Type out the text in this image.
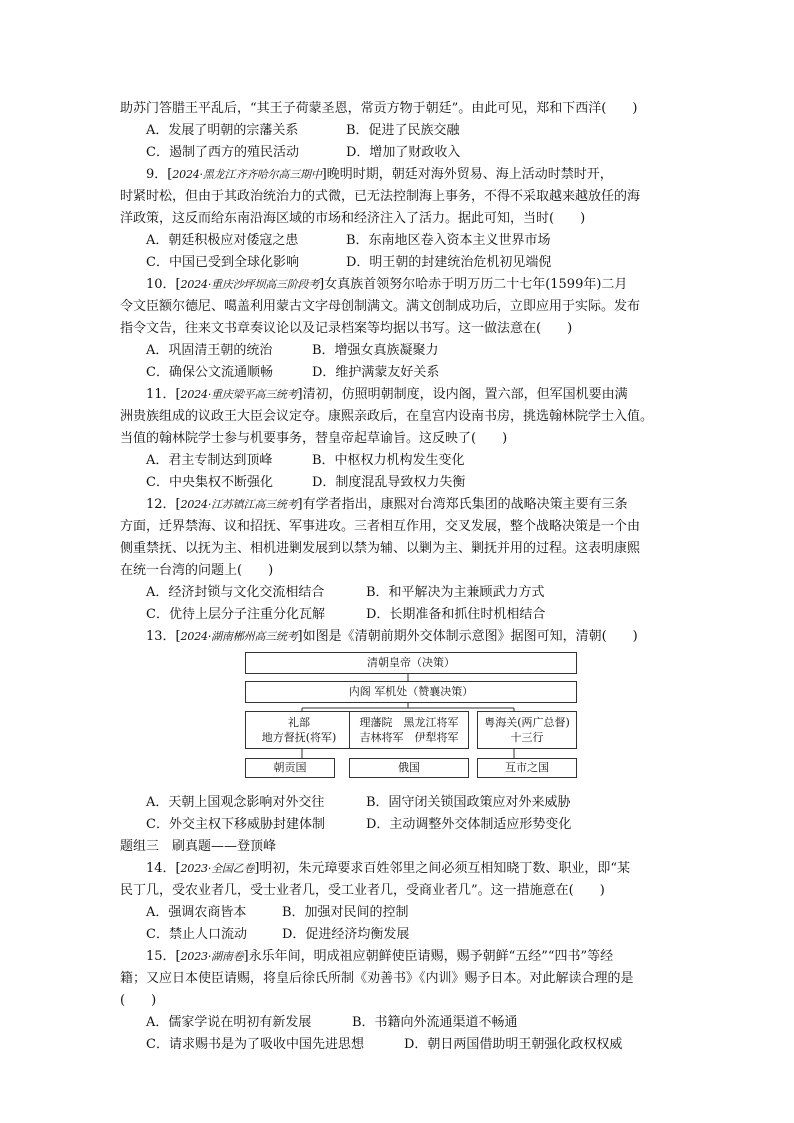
助苏门答腊王平乱后，“其王子荷蒙圣恩，常贡方物于朝廷”。由此可见，郑和下西洋(　　)
A．发展了明朝的宗藩关系	B．促进了民族交融
C．遏制了西方的殖民活动	D．增加了财政收入
9．[2024·黑龙江齐齐哈尔高三期中]晚明时期，朝廷对海外贸易、海上活动时禁时开，
时紧时松，但由于其政治统治力的式微，已无法控制海上事务，不得不采取越来越放任的海
洋政策，这反而给东南沿海区域的市场和经济注入了活力。据此可知，当时(　　)
A．朝廷积极应对倭寇之患	B．东南地区卷入资本主义世界市场
C．中国已受到全球化影响	D．明王朝的封建统治危机初见端倪
10．[2024·重庆沙坪坝高三阶段考]女真族首领努尔哈赤于明万历二十七年(1599年)二月
令文臣额尔德尼、噶盖利用蒙古文字母创制满文。满文创制成功后，立即应用于实际。发布
指令文告，往来文书章奏议论以及记录档案等均据以书写。这一做法意在(　　)
A．巩固清王朝的统治	B．增强女真族凝聚力
C．确保公文流通顺畅	D．维护满蒙友好关系
11．[2024·重庆梁平高三统考]清初，仿照明朝制度，设内阁，置六部，但军国机要由满
洲贵族组成的议政王大臣会议定夺。康熙亲政后，在皇宫内设南书房，挑选翰林院学士入值。
当值的翰林院学士参与机要事务，替皇帝起草谕旨。这反映了(　　)
A．君主专制达到顶峰	B．中枢权力机构发生变化
C．中央集权不断强化	D．制度混乱导致权力失衡
12．[2024·江苏镇江高三统考]有学者指出，康熙对台湾郑氏集团的战略决策主要有三条
方面，迁界禁海、议和招抚、军事进攻。三者相互作用，交叉发展，整个战略决策是一个由
侧重禁抚、以抚为主、相机进剿发展到以禁为辅、以剿为主、剿抚并用的过程。这表明康熙
在统一台湾的问题上(　　)
A．经济封锁与文化交流相结合	B．和平解决为主兼顾武力方式
C．优待上层分子注重分化瓦解	D．长期准备和抓住时机相结合
13．[2024·湖南郴州高三统考]如图是《清朝前期外交体制示意图》据图可知，清朝(　　)
清朝皇帝（决策）
内阁 军机处（赞襄决策）
礼部
地方督抚(将军)
理藩院　黑龙江将军
吉林将军　伊犁将军
粤海关(两广总督)
十三行
朝贡国	俄国	互市之国
A．天朝上国观念影响对外交往	B．固守闭关锁国政策应对外来威胁
C．外交主权下移威胁封建体制	D．主动调整外交体制适应形势变化
题组三　刷真题——登顶峰
14．[2023·全国乙卷]明初，朱元璋要求百姓邻里之间必须互相知晓丁数、职业，即“某
民丁几，受农业者几，受士业者几，受工业者几，受商业者几”。这一措施意在(　　)
A．强调农商皆本	B．加强对民间的控制
C．禁止人口流动	D．促进经济均衡发展
15．[2023·湖南卷]永乐年间，明成祖应朝鲜使臣请赐，赐予朝鲜“五经”“四书”等经
籍；又应日本使臣请赐，将皇后徐氏所制《劝善书》《内训》赐予日本。对此解读合理的是
(　　)
A．儒家学说在明初有新发展	B．书籍向外流通渠道不畅通
C．请求赐书是为了吸收中国先进思想	D．朝日两国借助明王朝强化政权权威
